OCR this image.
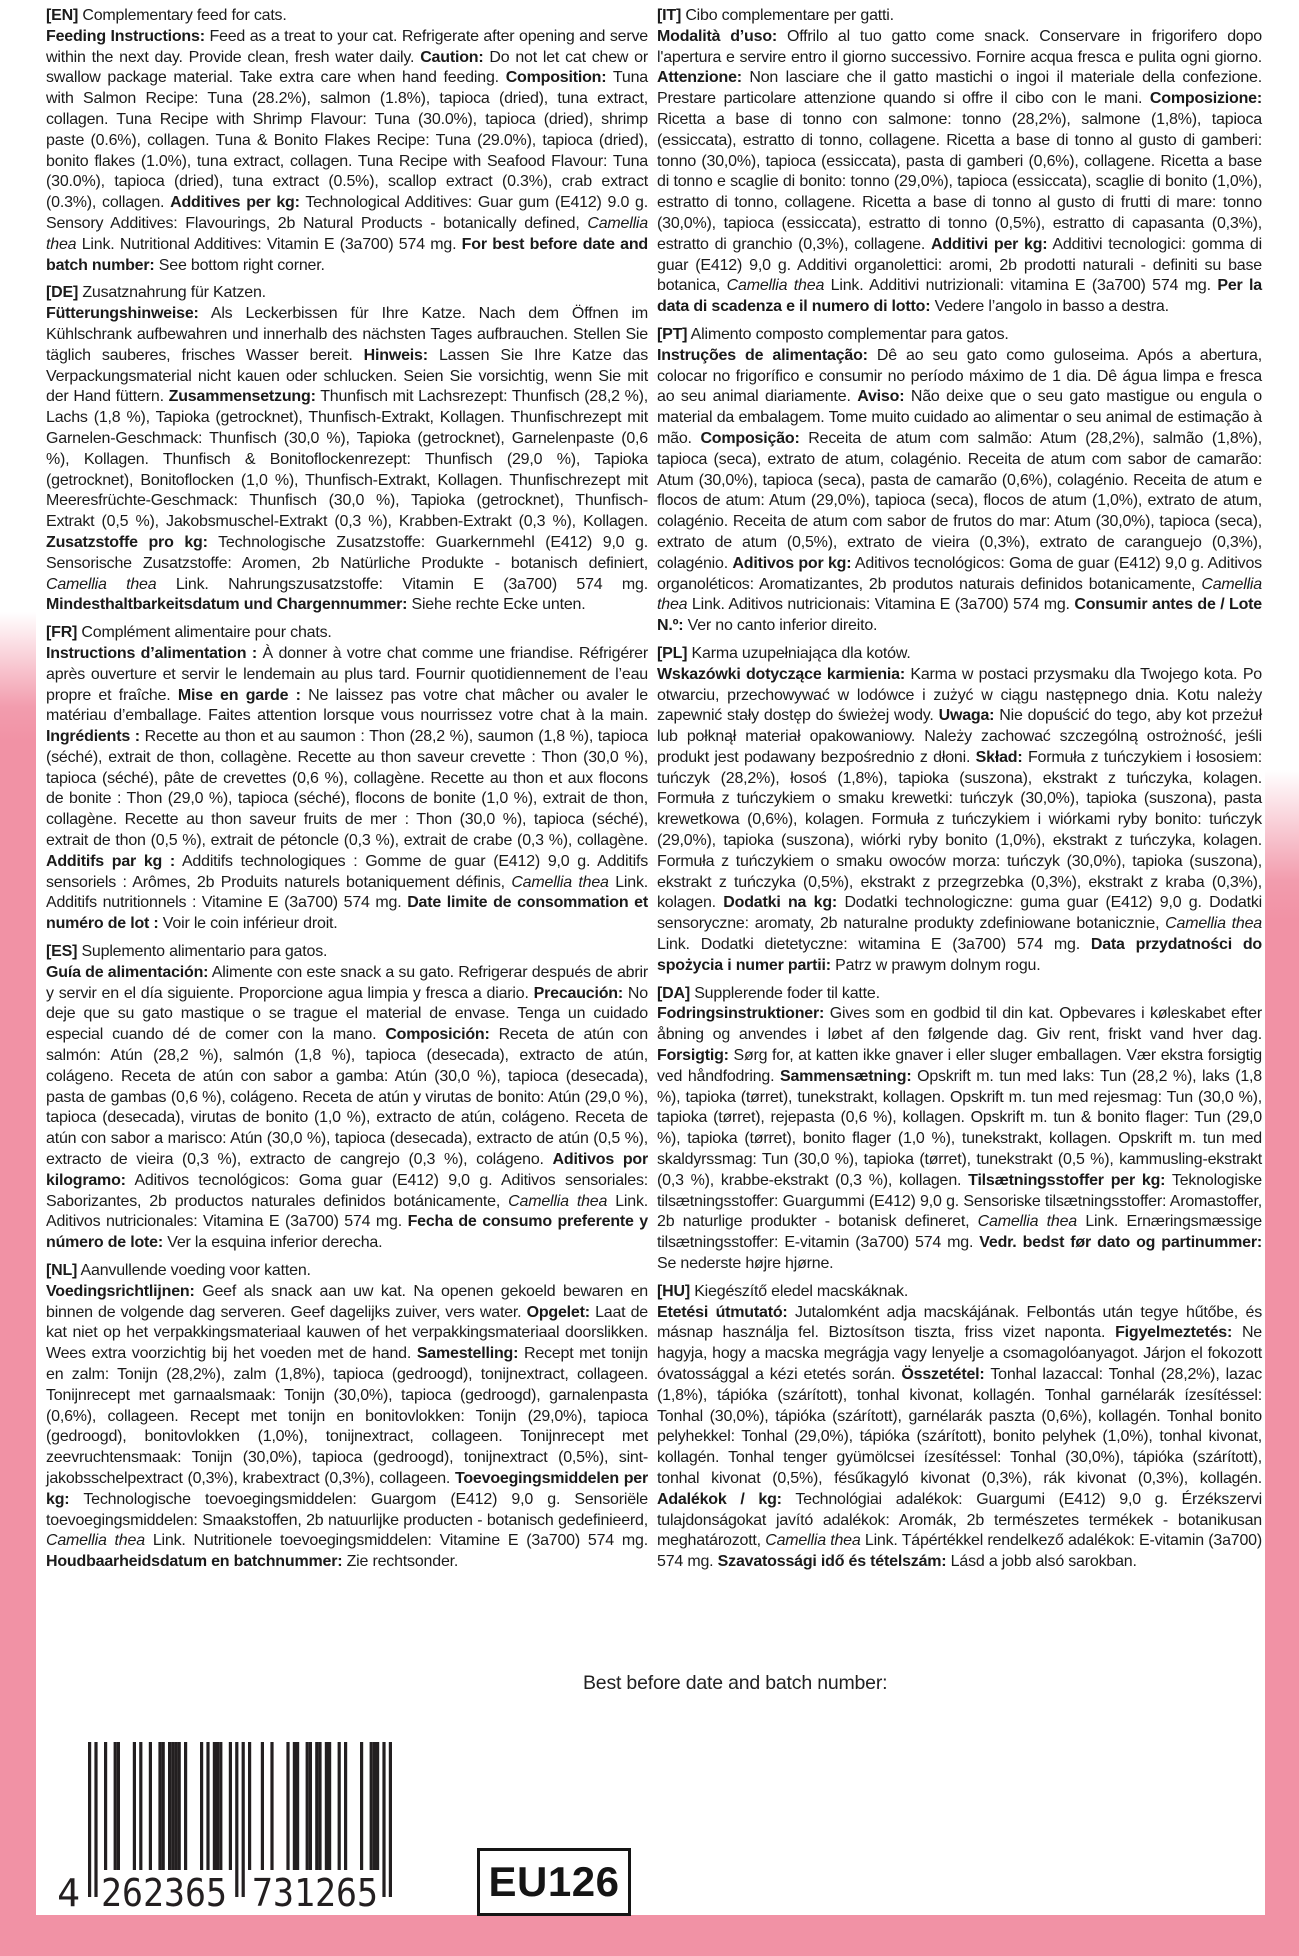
[EN] Complementary feed for cats.

Feeding Instructions: Feed as a treat to your cat. Refrigerate after opening and serve within the next day. Provide clean, fresh water daily. Caution: Do not let cat chew or swallow package material. Take extra care when hand feeding. Composition: Tuna with Salmon Recipe: Tuna (28.2%), salmon (1.8%), tapioca (dried), tuna extract, collagen. Tuna Recipe with Shrimp Flavour: Tuna (30.0%), tapioca (dried), shrimp paste (0.6%), collagen. Tuna & Bonito Flakes Recipe: Tuna (29.0%), tapioca (dried), bonito flakes (1.0%), tuna extract, collagen. Tuna Recipe with Seafood Flavour: Tuna (30.0%), tapioca (dried), tuna extract (0.5%), scallop extract (0.3%), crab extract (0.3%), collagen. Additives per kg: Technological Additives: Guar gum (E412) 9.0 g. Sensory Additives: Flavourings, 2b Natural Products - botanically defined, Camellia thea Link. Nutritional Additives: Vitamin E (3a700) 574 mg. For best before date and batch number: See bottom right corner.

[DE] Zusatznahrung für Katzen.

Fütterungshinweise: Als Leckerbissen für Ihre Katze. Nach dem Öffnen im Kühlschrank aufbewahren und innerhalb des nächsten Tages aufbrauchen. Stellen Sie täglich sauberes, frisches Wasser bereit. Hinweis: Lassen Sie Ihre Katze das Verpackungsmaterial nicht kauen oder schlucken. Seien Sie vorsichtig, wenn Sie mit der Hand füttern. Zusammensetzung: Thunfisch mit Lachsrezept: Thunfisch (28,2 %), Lachs (1,8 %), Tapioka (getrocknet), Thunfisch-Extrakt, Kollagen. Thunfischrezept mit Garnelen-Geschmack: Thunfisch (30,0 %), Tapioka (getrocknet), Garnelenpaste (0,6 %), Kollagen. Thunfisch & Bonitoflockenrezept: Thunfisch (29,0 %), Tapioka (getrocknet), Bonitoflocken (1,0 %), Thunfisch-Extrakt, Kollagen. Thunfischrezept mit Meeresfrüchte-Geschmack: Thunfisch (30,0 %), Tapioka (getrocknet), Thunfisch-Extrakt (0,5 %), Jakobsmuschel-Extrakt (0,3 %), Krabben-Extrakt (0,3 %), Kollagen. Zusatzstoffe pro kg: Technologische Zusatzstoffe: Guarkernmehl (E412) 9,0 g. Sensorische Zusatzstoffe: Aromen, 2b Natürliche Produkte - botanisch definiert, Camellia thea Link. Nahrungszusatzstoffe: Vitamin E (3a700) 574 mg. Mindesthaltbarkeitsdatum und Chargennummer: Siehe rechte Ecke unten.

[FR] Complément alimentaire pour chats.

Instructions d’alimentation : À donner à votre chat comme une friandise. Réfrigérer après ouverture et servir le lendemain au plus tard. Fournir quotidiennement de l’eau propre et fraîche. Mise en garde : Ne laissez pas votre chat mâcher ou avaler le matériau d’emballage. Faites attention lorsque vous nourrissez votre chat à la main. Ingrédients : Recette au thon et au saumon : Thon (28,2 %), saumon (1,8 %), tapioca (séché), extrait de thon, collagène. Recette au thon saveur crevette : Thon (30,0 %), tapioca (séché), pâte de crevettes (0,6 %), collagène. Recette au thon et aux flocons de bonite : Thon (29,0 %), tapioca (séché), flocons de bonite (1,0 %), extrait de thon, collagène. Recette au thon saveur fruits de mer : Thon (30,0 %), tapioca (séché), extrait de thon (0,5 %), extrait de pétoncle (0,3 %), extrait de crabe (0,3 %), collagène. Additifs par kg : Additifs technologiques : Gomme de guar (E412) 9,0 g. Additifs sensoriels : Arômes, 2b Produits naturels botaniquement définis, Camellia thea Link. Additifs nutritionnels : Vitamine E (3a700) 574 mg. Date limite de consommation et numéro de lot : Voir le coin inférieur droit.

[ES] Suplemento alimentario para gatos.

Guía de alimentación: Alimente con este snack a su gato. Refrigerar después de abrir y servir en el día siguiente. Proporcione agua limpia y fresca a diario. Precaución: No deje que su gato mastique o se trague el material de envase. Tenga un cuidado especial cuando dé de comer con la mano. Composición: Receta de atún con salmón: Atún (28,2 %), salmón (1,8 %), tapioca (desecada), extracto de atún, colágeno. Receta de atún con sabor a gamba: Atún (30,0 %), tapioca (desecada), pasta de gambas (0,6 %), colágeno. Receta de atún y virutas de bonito: Atún (29,0 %), tapioca (desecada), virutas de bonito (1,0 %), extracto de atún, colágeno. Receta de atún con sabor a marisco: Atún (30,0 %), tapioca (desecada), extracto de atún (0,5 %), extracto de vieira (0,3 %), extracto de cangrejo (0,3 %), colágeno. Aditivos por kilogramo: Aditivos tecnológicos: Goma guar (E412) 9,0 g. Aditivos sensoriales: Saborizantes, 2b productos naturales definidos botánicamente, Camellia thea Link. Aditivos nutricionales: Vitamina E (3a700) 574 mg. Fecha de consumo preferente y número de lote: Ver la esquina inferior derecha.

[NL] Aanvullende voeding voor katten.

Voedingsrichtlijnen: Geef als snack aan uw kat. Na openen gekoeld bewaren en binnen de volgende dag serveren. Geef dagelijks zuiver, vers water. Opgelet: Laat de kat niet op het verpakkingsmateriaal kauwen of het verpakkingsmateriaal doorslikken. Wees extra voorzichtig bij het voeden met de hand. Samestelling: Recept met tonijn en zalm: Tonijn (28,2%), zalm (1,8%), tapioca (gedroogd), tonijnextract, collageen. Tonijnrecept met garnaalsmaak: Tonijn (30,0%), tapioca (gedroogd), garnalenpasta (0,6%), collageen. Recept met tonijn en bonitovlokken: Tonijn (29,0%), tapioca (gedroogd), bonitovlokken (1,0%), tonijnextract, collageen. Tonijnrecept met zeevruchtensmaak: Tonijn (30,0%), tapioca (gedroogd), tonijnextract (0,5%), sint-jakobsschelpextract (0,3%), krabextract (0,3%), collageen. Toevoegingsmiddelen per kg: Technologische toevoegingsmiddelen: Guargom (E412) 9,0 g. Sensoriële toevoegingsmiddelen: Smaakstoffen, 2b natuurlijke producten - botanisch gedefinieerd, Camellia thea Link. Nutritionele toevoegingsmiddelen: Vitamine E (3a700) 574 mg. Houdbaarheidsdatum en batchnummer: Zie rechtsonder.

[IT] Cibo complementare per gatti.

Modalità d’uso: Offrilo al tuo gatto come snack. Conservare in frigorifero dopo l'apertura e servire entro il giorno successivo. Fornire acqua fresca e pulita ogni giorno. Attenzione: Non lasciare che il gatto mastichi o ingoi il materiale della confezione. Prestare particolare attenzione quando si offre il cibo con le mani. Composizione: Ricetta a base di tonno con salmone: tonno (28,2%), salmone (1,8%), tapioca (essiccata), estratto di tonno, collagene. Ricetta a base di tonno al gusto di gamberi: tonno (30,0%), tapioca (essiccata), pasta di gamberi (0,6%), collagene. Ricetta a base di tonno e scaglie di bonito: tonno (29,0%), tapioca (essiccata), scaglie di bonito (1,0%), estratto di tonno, collagene. Ricetta a base di tonno al gusto di frutti di mare: tonno (30,0%), tapioca (essiccata), estratto di tonno (0,5%), estratto di capasanta (0,3%), estratto di granchio (0,3%), collagene. Additivi per kg: Additivi tecnologici: gomma di guar (E412) 9,0 g. Additivi organolettici: aromi, 2b prodotti naturali - definiti su base botanica, Camellia thea Link. Additivi nutrizionali: vitamina E (3a700) 574 mg. Per la data di scadenza e il numero di lotto: Vedere l’angolo in basso a destra.

[PT] Alimento composto complementar para gatos.

Instruções de alimentação: Dê ao seu gato como guloseima. Após a abertura, colocar no frigorífico e consumir no período máximo de 1 dia. Dê água limpa e fresca ao seu animal diariamente. Aviso: Não deixe que o seu gato mastigue ou engula o material da embalagem. Tome muito cuidado ao alimentar o seu animal de estimação à mão. Composição: Receita de atum com salmão: Atum (28,2%), salmão (1,8%), tapioca (seca), extrato de atum, colagénio. Receita de atum com sabor de camarão: Atum (30,0%), tapioca (seca), pasta de camarão (0,6%), colagénio. Receita de atum e flocos de atum: Atum (29,0%), tapioca (seca), flocos de atum (1,0%), extrato de atum, colagénio. Receita de atum com sabor de frutos do mar: Atum (30,0%), tapioca (seca), extrato de atum (0,5%), extrato de vieira (0,3%), extrato de caranguejo (0,3%), colagénio. Aditivos por kg: Aditivos tecnológicos: Goma de guar (E412) 9,0 g. Aditivos organoléticos: Aromatizantes, 2b produtos naturais definidos botanicamente, Camellia thea Link. Aditivos nutricionais: Vitamina E (3a700) 574 mg. Consumir antes de / Lote N.º: Ver no canto inferior direito.

[PL] Karma uzupełniająca dla kotów.

Wskazówki dotyczące karmienia: Karma w postaci przysmaku dla Twojego kota. Po otwarciu, przechowywać w lodówce i zużyć w ciągu następnego dnia. Kotu należy zapewnić stały dostęp do świeżej wody. Uwaga: Nie dopuścić do tego, aby kot przeżuł lub połknął materiał opakowaniowy. Należy zachować szczególną ostrożność, jeśli produkt jest podawany bezpośrednio z dłoni. Skład: Formuła z tuńczykiem i łososiem: tuńczyk (28,2%), łosoś (1,8%), tapioka (suszona), ekstrakt z tuńczyka, kolagen. Formuła z tuńczykiem o smaku krewetki: tuńczyk (30,0%), tapioka (suszona), pasta krewetkowa (0,6%), kolagen. Formuła z tuńczykiem i wiórkami ryby bonito: tuńczyk (29,0%), tapioka (suszona), wiórki ryby bonito (1,0%), ekstrakt z tuńczyka, kolagen. Formuła z tuńczykiem o smaku owoców morza: tuńczyk (30,0%), tapioka (suszona), ekstrakt z tuńczyka (0,5%), ekstrakt z przegrzebka (0,3%), ekstrakt z kraba (0,3%), kolagen. Dodatki na kg: Dodatki technologiczne: guma guar (E412) 9,0 g. Dodatki sensoryczne: aromaty, 2b naturalne produkty zdefiniowane botanicznie, Camellia thea Link. Dodatki dietetyczne: witamina E (3a700) 574 mg. Data przydatności do spożycia i numer partii: Patrz w prawym dolnym rogu.

[DA] Supplerende foder til katte.

Fodringsinstruktioner: Gives som en godbid til din kat. Opbevares i køleskabet efter åbning og anvendes i løbet af den følgende dag. Giv rent, friskt vand hver dag. Forsigtig: Sørg for, at katten ikke gnaver i eller sluger emballagen. Vær ekstra forsigtig ved håndfodring. Sammensætning: Opskrift m. tun med laks: Tun (28,2 %), laks (1,8 %), tapioka (tørret), tunekstrakt, kollagen. Opskrift m. tun med rejesmag: Tun (30,0 %), tapioka (tørret), rejepasta (0,6 %), kollagen. Opskrift m. tun & bonito flager: Tun (29,0 %), tapioka (tørret), bonito flager (1,0 %), tunekstrakt, kollagen. Opskrift m. tun med skaldyrssmag: Tun (30,0 %), tapioka (tørret), tunekstrakt (0,5 %), kammusling-ekstrakt (0,3 %), krabbe-ekstrakt (0,3 %), kollagen. Tilsætningsstoffer per kg: Teknologiske tilsætningsstoffer: Guargummi (E412) 9,0 g. Sensoriske tilsætningsstoffer: Aromastoffer, 2b naturlige produkter - botanisk defineret, Camellia thea Link. Ernæringsmæssige tilsætningsstoffer: E-vitamin (3a700) 574 mg. Vedr. bedst før dato og partinummer: Se nederste højre hjørne.

[HU] Kiegészítő eledel macskáknak.

Etetési útmutató: Jutalomként adja macskájának. Felbontás után tegye hűtőbe, és másnap használja fel. Biztosítson tiszta, friss vizet naponta. Figyelmeztetés: Ne hagyja, hogy a macska megrágja vagy lenyelje a csomagolóanyagot. Járjon el fokozott óvatossággal a kézi etetés során. Összetétel: Tonhal lazaccal: Tonhal (28,2%), lazac (1,8%), tápióka (szárított), tonhal kivonat, kollagén. Tonhal garnélarák ízesítéssel: Tonhal (30,0%), tápióka (szárított), garnélarák paszta (0,6%), kollagén. Tonhal bonito pelyhekkel: Tonhal (29,0%), tápióka (szárított), bonito pelyhek (1,0%), tonhal kivonat, kollagén. Tonhal tenger gyümölcsei ízesítéssel: Tonhal (30,0%), tápióka (szárított), tonhal kivonat (0,5%), fésűkagyló kivonat (0,3%), rák kivonat (0,3%), kollagén. Adalékok / kg: Technológiai adalékok: Guargumi (E412) 9,0 g. Érzékszervi tulajdonságokat javító adalékok: Aromák, 2b természetes termékek - botanikusan meghatározott, Camellia thea Link. Tápértékkel rendelkező adalékok: E-vitamin (3a700) 574 mg. Szavatossági idő és tételszám: Lásd a jobb alsó sarokban.

Best before date and batch number:
4 262365 731265	EU126
